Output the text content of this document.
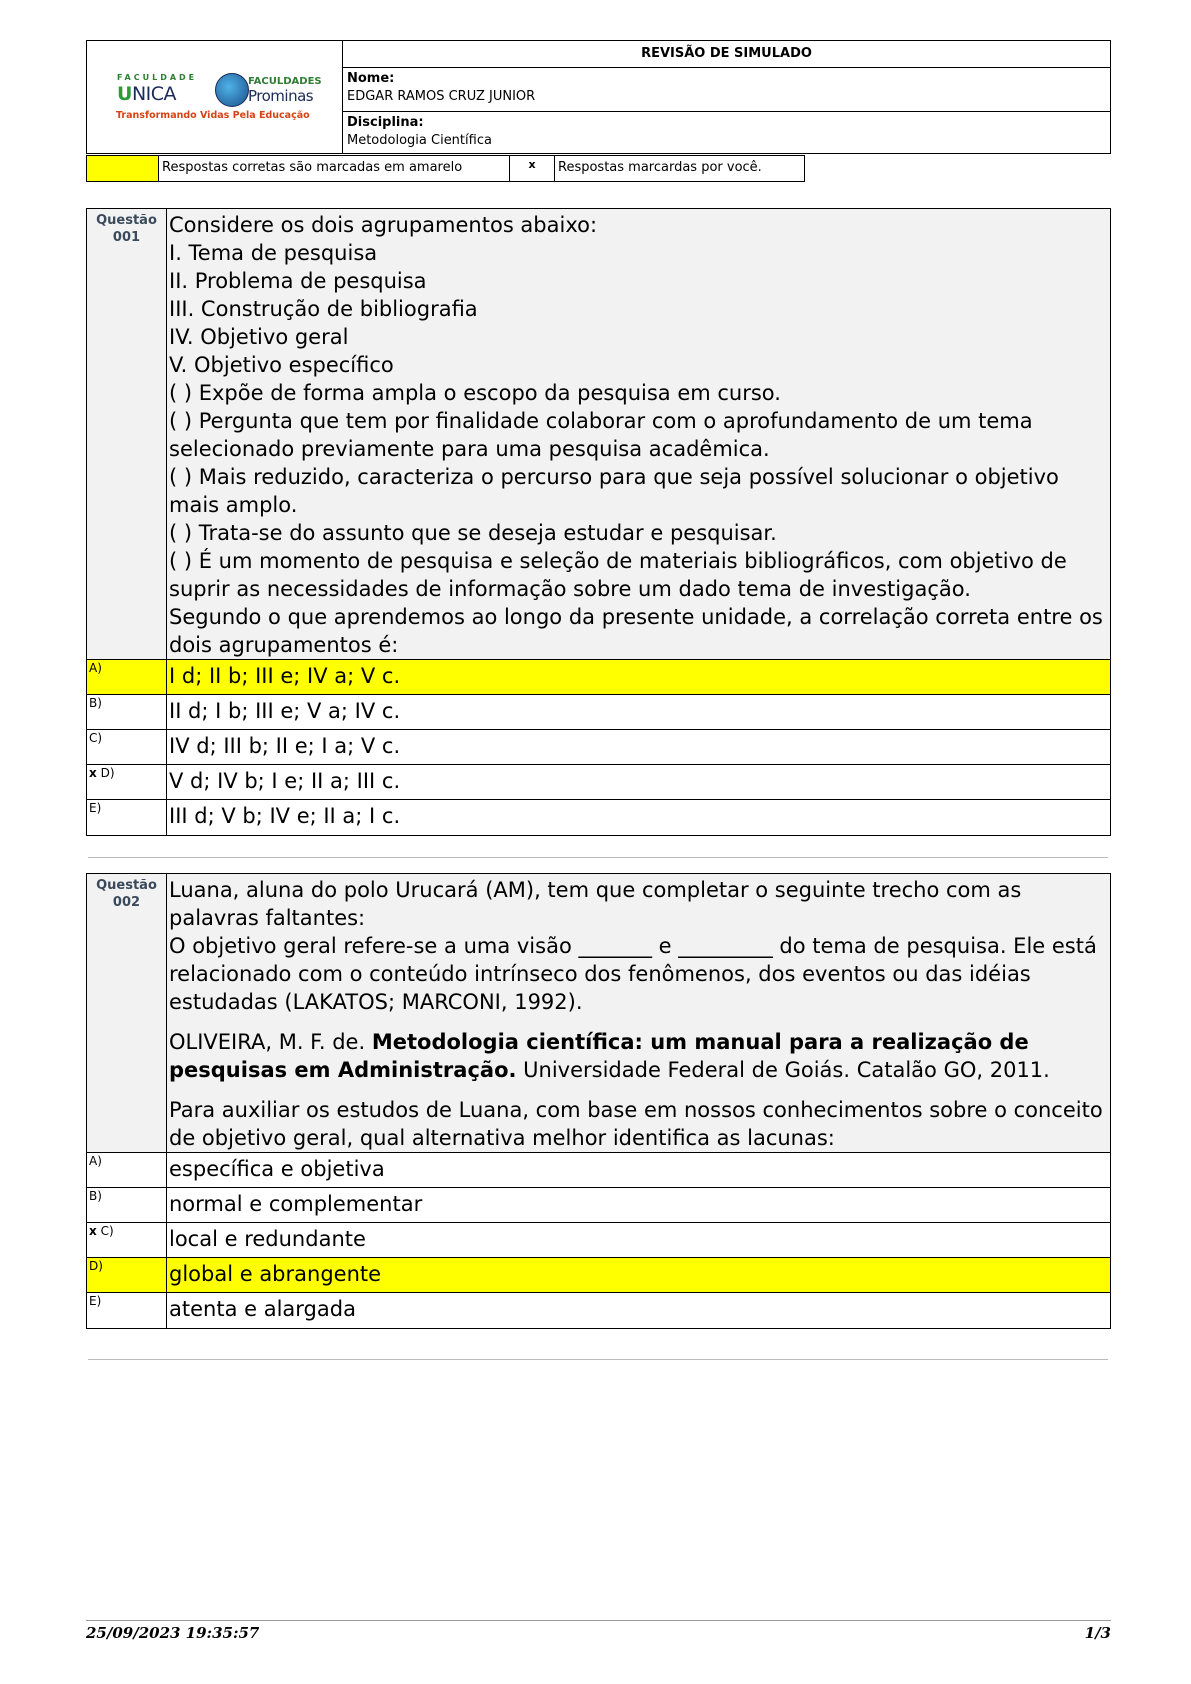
FACULDADE
UNICA
FACULDADES
Prominas
Transformando Vidas Pela Educação
REVISÃO DE SIMULADO
Nome:
EDGAR RAMOS CRUZ JUNIOR
Disciplina:
Metodologia Científica
Respostas corretas são marcadas em amarelo	x	Respostas marcardas por você.
Questão
001

Considere os dois agrupamentos abaixo:

I. Tema de pesquisa

II. Problema de pesquisa

III. Construção de bibliografia

IV. Objetivo geral

V. Objetivo específico

( ) Expõe de forma ampla o escopo da pesquisa em curso.

( ) Pergunta que tem por finalidade colaborar com o aprofundamento de um tema selecionado previamente para uma pesquisa acadêmica.

( ) Mais reduzido, caracteriza o percurso para que seja possível solucionar o objetivo mais amplo.

( ) Trata-se do assunto que se deseja estudar e pesquisar.

( ) É um momento de pesquisa e seleção de materiais bibliográficos, com objetivo de suprir as necessidades de informação sobre um dado tema de investigação.

Segundo o que aprendemos ao longo da presente unidade, a correlação correta entre os dois agrupamentos é:

A)	I d; II b; III e; IV a; V c.
B)	II d; I b; III e; V a; IV c.
C)	IV d; III b; II e; I a; V c.
x D)	V d; IV b; I e; II a; III c.
E)	III d; V b; IV e; II a; I c.
Questão
002

Luana, aluna do polo Urucará (AM), tem que completar o seguinte trecho com as palavras faltantes:

O objetivo geral refere-se a uma visão _______ e _________ do tema de pesquisa. Ele está relacionado com o conteúdo intrínseco dos fenômenos, dos eventos ou das idéias estudadas (LAKATOS; MARCONI, 1992).

OLIVEIRA, M. F. de. Metodologia científica: um manual para a realização de pesquisas em Administração. Universidade Federal de Goiás. Catalão GO, 2011.

Para auxiliar os estudos de Luana, com base em nossos conhecimentos sobre o conceito de objetivo geral, qual alternativa melhor identifica as lacunas:

A)	específica e objetiva
B)	normal e complementar
x C)	local e redundante
D)	global e abrangente
E)	atenta e alargada
25/09/2023 19:35:57	1/3
